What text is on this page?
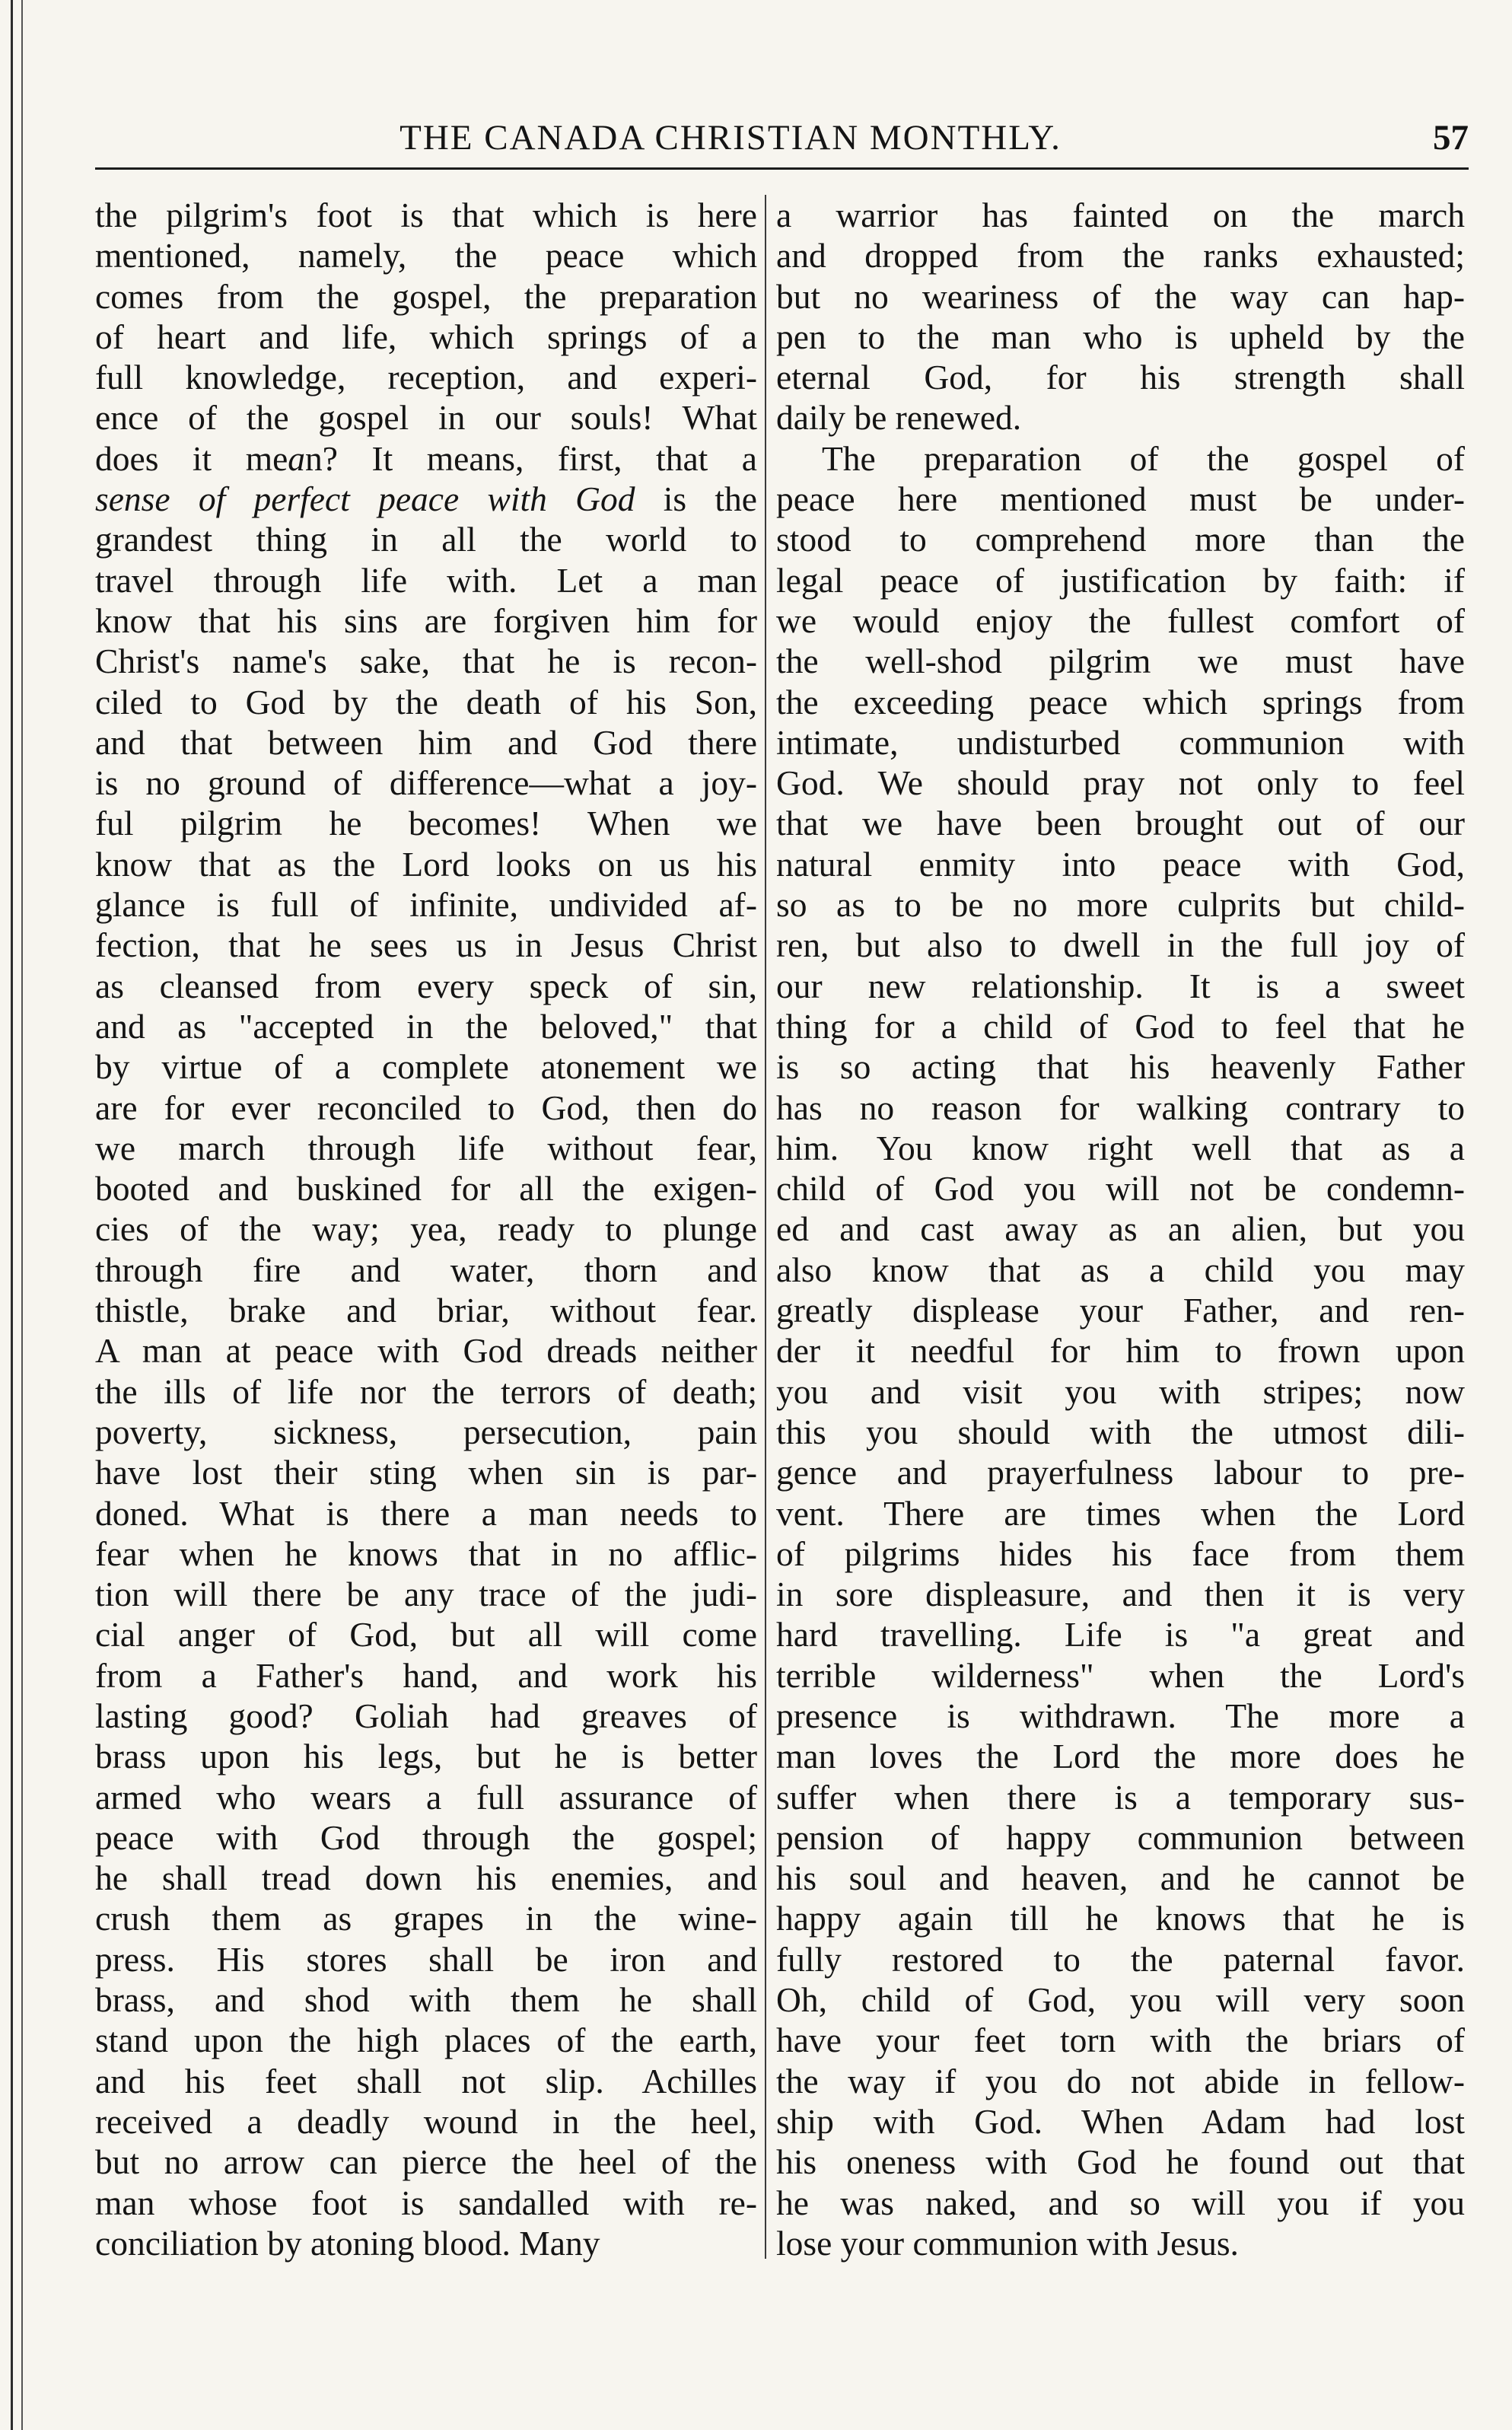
THE CANADA CHRISTIAN MONTHLY.	57
the pilgrim's foot is that which is here
mentioned, namely, the peace which
comes from the gospel, the preparation
of heart and life, which springs of a
full knowledge, reception, and experi-
ence of the gospel in our souls! What
does it mean? It means, first, that a
sense of perfect peace with God is the
grandest thing in all the world to
travel through life with. Let a man
know that his sins are forgiven him for
Christ's name's sake, that he is recon-
ciled to God by the death of his Son,
and that between him and God there
is no ground of difference—what a joy-
ful pilgrim he becomes! When we
know that as the Lord looks on us his
glance is full of infinite, undivided af-
fection, that he sees us in Jesus Christ
as cleansed from every speck of sin,
and as "accepted in the beloved," that
by virtue of a complete atonement we
are for ever reconciled to God, then do
we march through life without fear,
booted and buskined for all the exigen-
cies of the way; yea, ready to plunge
through fire and water, thorn and
thistle, brake and briar, without fear.
A man at peace with God dreads neither
the ills of life nor the terrors of death;
poverty, sickness, persecution, pain
have lost their sting when sin is par-
doned. What is there a man needs to
fear when he knows that in no afflic-
tion will there be any trace of the judi-
cial anger of God, but all will come
from a Father's hand, and work his
lasting good? Goliah had greaves of
brass upon his legs, but he is better
armed who wears a full assurance of
peace with God through the gospel;
he shall tread down his enemies, and
crush them as grapes in the wine-
press. His stores shall be iron and
brass, and shod with them he shall
stand upon the high places of the earth,
and his feet shall not slip. Achilles
received a deadly wound in the heel,
but no arrow can pierce the heel of the
man whose foot is sandalled with re-
conciliation by atoning blood. Many
a warrior has fainted on the march
and dropped from the ranks exhausted;
but no weariness of the way can hap-
pen to the man who is upheld by the
eternal God, for his strength shall
daily be renewed.
The preparation of the gospel of
peace here mentioned must be under-
stood to comprehend more than the
legal peace of justification by faith: if
we would enjoy the fullest comfort of
the well-shod pilgrim we must have
the exceeding peace which springs from
intimate, undisturbed communion with
God. We should pray not only to feel
that we have been brought out of our
natural enmity into peace with God,
so as to be no more culprits but child-
ren, but also to dwell in the full joy of
our new relationship. It is a sweet
thing for a child of God to feel that he
is so acting that his heavenly Father
has no reason for walking contrary to
him. You know right well that as a
child of God you will not be condemn-
ed and cast away as an alien, but you
also know that as a child you may
greatly displease your Father, and ren-
der it needful for him to frown upon
you and visit you with stripes; now
this you should with the utmost dili-
gence and prayerfulness labour to pre-
vent. There are times when the Lord
of pilgrims hides his face from them
in sore displeasure, and then it is very
hard travelling. Life is "a great and
terrible wilderness" when the Lord's
presence is withdrawn. The more a
man loves the Lord the more does he
suffer when there is a temporary sus-
pension of happy communion between
his soul and heaven, and he cannot be
happy again till he knows that he is
fully restored to the paternal favor.
Oh, child of God, you will very soon
have your feet torn with the briars of
the way if you do not abide in fellow-
ship with God. When Adam had lost
his oneness with God he found out that
he was naked, and so will you if you
lose your communion with Jesus.
